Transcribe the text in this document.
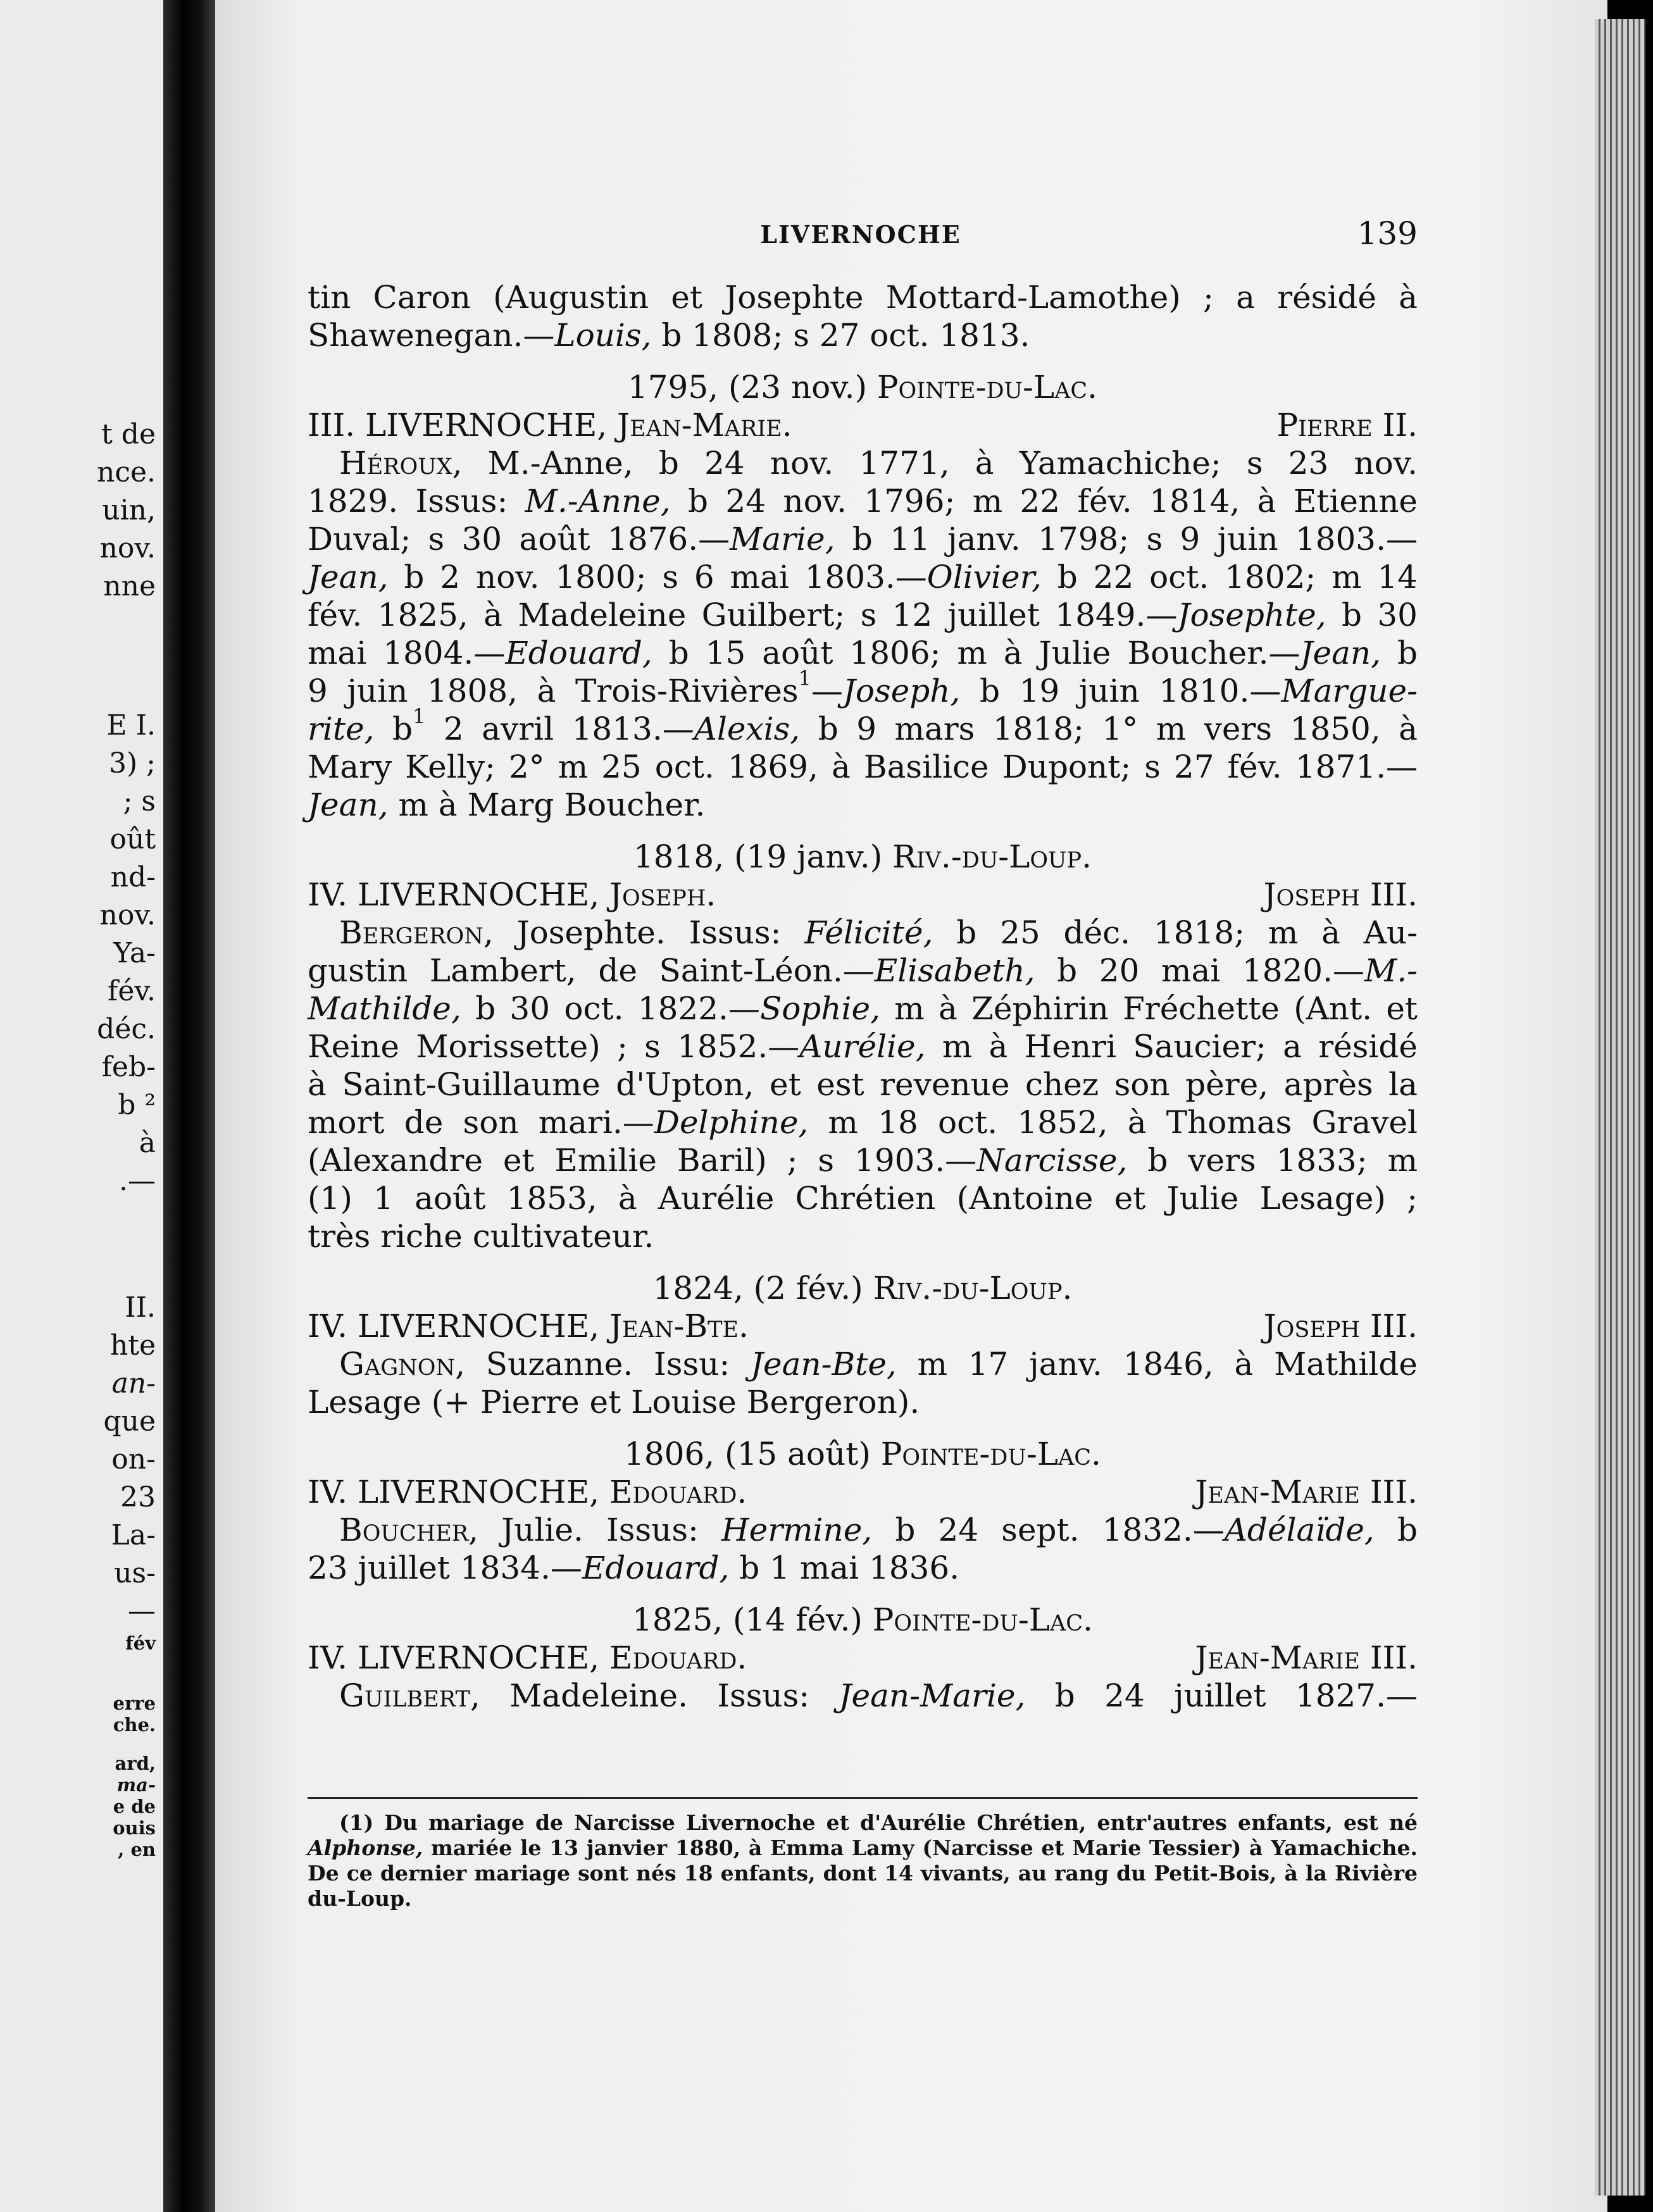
t de
nce.
uin,
nov.
nne
E I.
3) ;
; s
oût
nd-
nov.
Ya-
fév.
déc.
feb-
b ²
à
.—
II.
hte
an-
que
on-
23
La-
us-
—
fév
erre
che.
ard,
ma-
e de
ouis
, en
LIVERNOCHE	139
tin Caron (Augustin et Josephte Mottard-Lamothe) ; a résidé à
Shawenegan.—Louis, b 1808; s 27 oct. 1813.
1795, (23 nov.) Pointe-du-Lac.
III. LIVERNOCHE, Jean-Marie.	Pierre II.
Héroux, M.-Anne, b 24 nov. 1771, à Yamachiche; s 23 nov.
1829. Issus: M.-Anne, b 24 nov. 1796; m 22 fév. 1814, à Etienne
Duval; s 30 août 1876.—Marie, b 11 janv. 1798; s 9 juin 1803.—
Jean, b 2 nov. 1800; s 6 mai 1803.—Olivier, b 22 oct. 1802; m 14
fév. 1825, à Madeleine Guilbert; s 12 juillet 1849.—Josephte, b 30
mai 1804.—Edouard, b 15 août 1806; m à Julie Boucher.—Jean, b
9 juin 1808, à Trois-Rivières$^1$—Joseph, b 19 juin 1810.—Margue-
rite, $b^1$ 2 avril 1813.—Alexis, b 9 mars 1818; 1° m vers 1850, à
Mary Kelly; 2° m 25 oct. 1869, à Basilice Dupont; s 27 fév. 1871.—
Jean, m à Marg Boucher.
1818, (19 janv.) Riv.-du-Loup.
IV. LIVERNOCHE, Joseph.	Joseph III.
Bergeron, Josephte. Issus: Félicité, b 25 déc. 1818; m à Au-
gustin Lambert, de Saint-Léon.—Elisabeth, b 20 mai 1820.—M.-
Mathilde, b 30 oct. 1822.—Sophie, m à Zéphirin Fréchette (Ant. et
Reine Morissette) ; s 1852.—Aurélie, m à Henri Saucier; a résidé
à Saint-Guillaume d'Upton, et est revenue chez son père, après la
mort de son mari.—Delphine, m 18 oct. 1852, à Thomas Gravel
(Alexandre et Emilie Baril) ; s 1903.—Narcisse, b vers 1833; m
(1) 1 août 1853, à Aurélie Chrétien (Antoine et Julie Lesage) ;
très riche cultivateur.
1824, (2 fév.) Riv.-du-Loup.
IV. LIVERNOCHE, Jean-Bte.	Joseph III.
Gagnon, Suzanne. Issu: Jean-Bte, m 17 janv. 1846, à Mathilde
Lesage (+ Pierre et Louise Bergeron).
1806, (15 août) Pointe-du-Lac.
IV. LIVERNOCHE, Edouard.	Jean-Marie III.
Boucher, Julie. Issus: Hermine, b 24 sept. 1832.—Adélaïde, b
23 juillet 1834.—Edouard, b 1 mai 1836.
1825, (14 fév.) Pointe-du-Lac.
IV. LIVERNOCHE, Edouard.	Jean-Marie III.
Guilbert, Madeleine. Issus: Jean-Marie, b 24 juillet 1827.—
(1) Du mariage de Narcisse Livernoche et d'Aurélie Chrétien, entr'autres enfants, est né
Alphonse, mariée le 13 janvier 1880, à Emma Lamy (Narcisse et Marie Tessier) à Yamachiche.
De ce dernier mariage sont nés 18 enfants, dont 14 vivants, au rang du Petit-Bois, à la Rivière
du-Loup.
